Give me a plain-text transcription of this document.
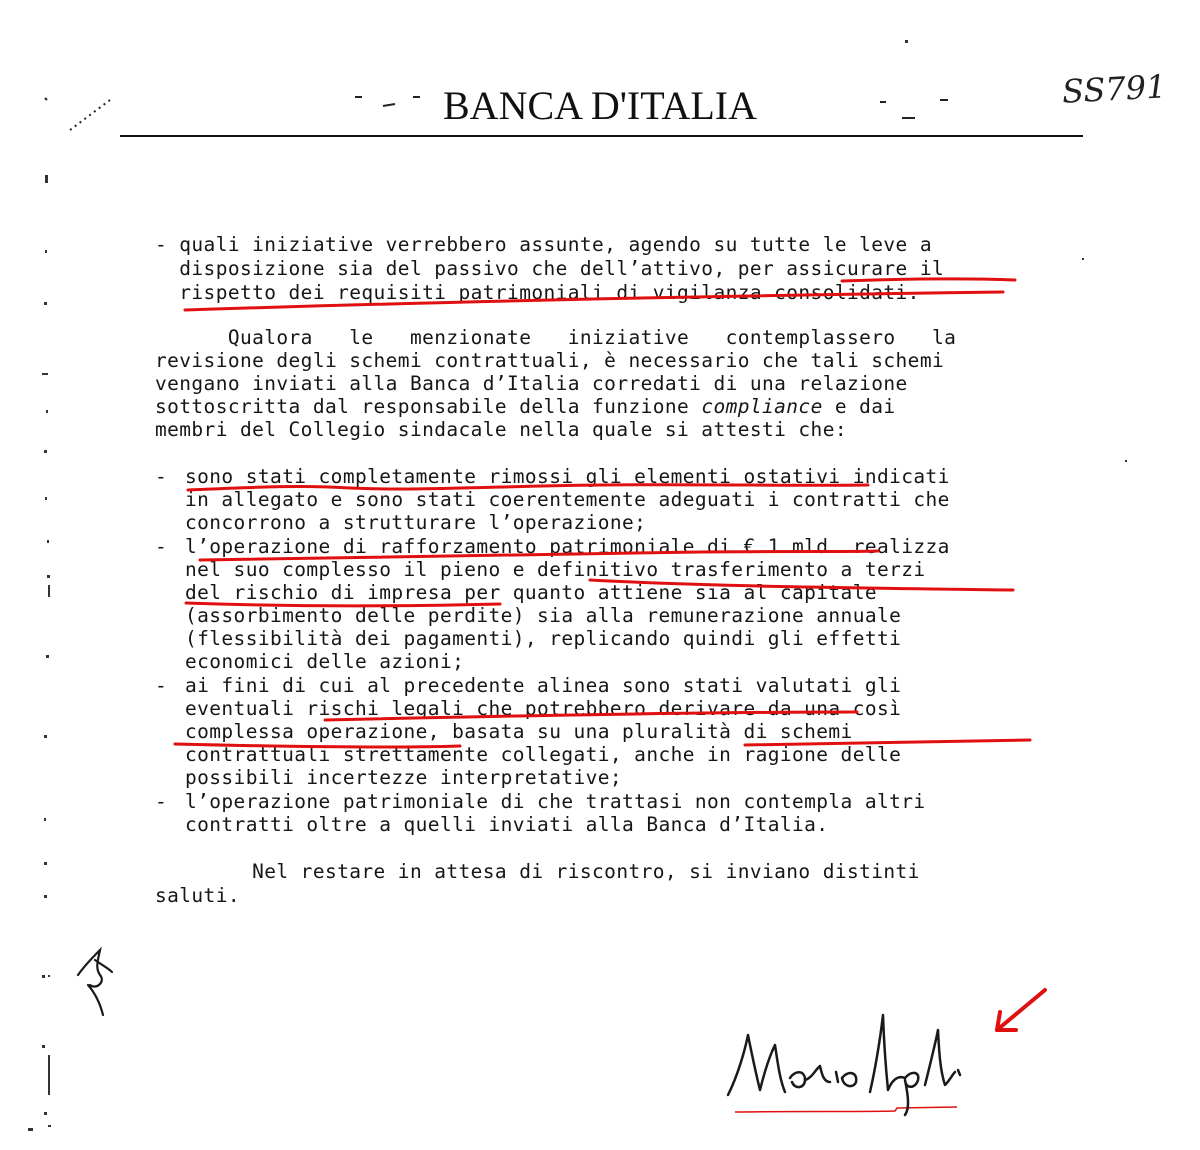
SS791
BANCA D'ITALIA
- quali iniziative verrebbero assunte, agendo su tutte le leve a
disposizione sia del passivo che dell’attivo, per assicurare il
rispetto dei requisiti patrimoniali di vigilanza consolidati.
Qualora   le   menzionate   iniziative   contemplassero   la
revisione degli schemi contrattuali, è necessario che tali schemi
vengano inviati alla Banca d’Italia corredati di una relazione
sottoscritta dal responsabile della funzione compliance e dai
membri del Collegio sindacale nella quale si attesti che:
- sono stati completamente rimossi gli elementi ostativi indicati
in allegato e sono stati coerentemente adeguati i contratti che
concorrono a strutturare l’operazione;
- l’operazione di rafforzamento patrimoniale di € 1 mld. realizza
nel suo complesso il pieno e definitivo trasferimento a terzi
del rischio di impresa per quanto attiene sia al capitale
(assorbimento delle perdite) sia alla remunerazione annuale
(flessibilità dei pagamenti), replicando quindi gli effetti
economici delle azioni;
- ai fini di cui al precedente alinea sono stati valutati gli
eventuali rischi legali che potrebbero derivare da una così
complessa operazione, basata su una pluralità di schemi
contrattuali strettamente collegati, anche in ragione delle
possibili incertezze interpretative;
- l’operazione patrimoniale di che trattasi non contempla altri
contratti oltre a quelli inviati alla Banca d’Italia.
Nel restare in attesa di riscontro, si inviano distinti
saluti.
Mario Draghi
